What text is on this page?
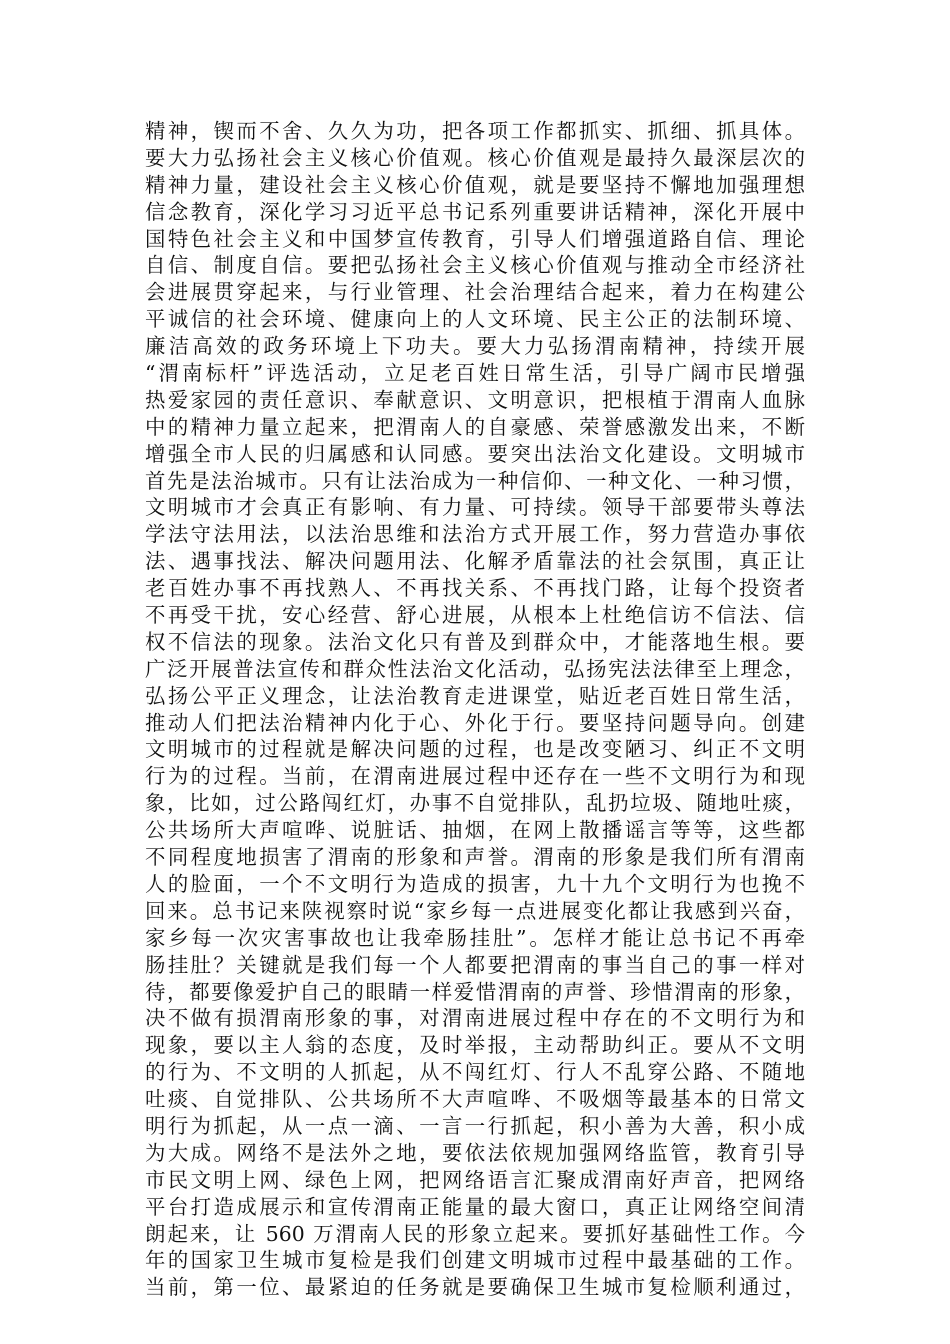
精神，锲而不舍、久久为功，把各项工作都抓实、抓细、抓具体。
要大力弘扬社会主义核心价值观。核心价值观是最持久最深层次的
精神力量，建设社会主义核心价值观，就是要坚持不懈地加强理想
信念教育，深化学习习近平总书记系列重要讲话精神，深化开展中
国特色社会主义和中国梦宣传教育，引导人们增强道路自信、理论
自信、制度自信。要把弘扬社会主义核心价值观与推动全市经济社
会进展贯穿起来，与行业管理、社会治理结合起来，着力在构建公
平诚信的社会环境、健康向上的人文环境、民主公正的法制环境、
廉洁高效的政务环境上下功夫。要大力弘扬渭南精神，持续开展
“渭南标杆”评选活动，立足老百姓日常生活，引导广阔市民增强
热爱家园的责任意识、奉献意识、文明意识，把根植于渭南人血脉
中的精神力量立起来，把渭南人的自豪感、荣誉感激发出来，不断
增强全市人民的归属感和认同感。要突出法治文化建设。文明城市
首先是法治城市。只有让法治成为一种信仰、一种文化、一种习惯，
文明城市才会真正有影响、有力量、可持续。领导干部要带头尊法
学法守法用法，以法治思维和法治方式开展工作，努力营造办事依
法、遇事找法、解决问题用法、化解矛盾靠法的社会氛围，真正让
老百姓办事不再找熟人、不再找关系、不再找门路，让每个投资者
不再受干扰，安心经营、舒心进展，从根本上杜绝信访不信法、信
权不信法的现象。法治文化只有普及到群众中，才能落地生根。要
广泛开展普法宣传和群众性法治文化活动，弘扬宪法法律至上理念，
弘扬公平正义理念，让法治教育走进课堂，贴近老百姓日常生活，
推动人们把法治精神内化于心、外化于行。要坚持问题导向。创建
文明城市的过程就是解决问题的过程，也是改变陋习、纠正不文明
行为的过程。当前，在渭南进展过程中还存在一些不文明行为和现
象，比如，过公路闯红灯，办事不自觉排队，乱扔垃圾、随地吐痰，
公共场所大声喧哗、说脏话、抽烟，在网上散播谣言等等，这些都
不同程度地损害了渭南的形象和声誉。渭南的形象是我们所有渭南
人的脸面，一个不文明行为造成的损害，九十九个文明行为也挽不
回来。总书记来陕视察时说“家乡每一点进展变化都让我感到兴奋，
家乡每一次灾害事故也让我牵肠挂肚”。怎样才能让总书记不再牵
肠挂肚？关键就是我们每一个人都要把渭南的事当自己的事一样对
待，都要像爱护自己的眼睛一样爱惜渭南的声誉、珍惜渭南的形象，
决不做有损渭南形象的事，对渭南进展过程中存在的不文明行为和
现象，要以主人翁的态度，及时举报，主动帮助纠正。要从不文明
的行为、不文明的人抓起，从不闯红灯、行人不乱穿公路、不随地
吐痰、自觉排队、公共场所不大声喧哗、不吸烟等最基本的日常文
明行为抓起，从一点一滴、一言一行抓起，积小善为大善，积小成
为大成。网络不是法外之地，要依法依规加强网络监管，教育引导
市民文明上网、绿色上网，把网络语言汇聚成渭南好声音，把网络
平台打造成展示和宣传渭南正能量的最大窗口，真正让网络空间清
朗起来，让 560 万渭南人民的形象立起来。要抓好基础性工作。今
年的国家卫生城市复检是我们创建文明城市过程中最基础的工作。
当前，第一位、最紧迫的任务就是要确保卫生城市复检顺利通过，
